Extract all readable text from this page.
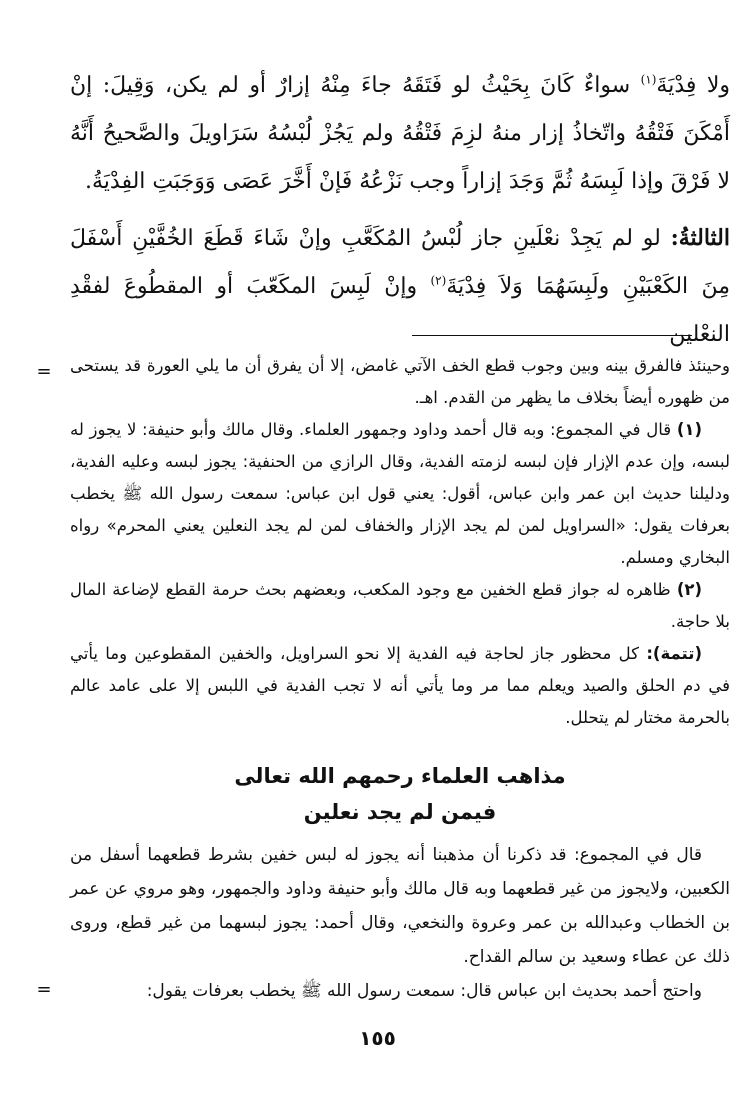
ولا فِدْيَةَ$^{(١)}$ سواءٌ كَانَ بِحَيْثُ لو فَتَقَهُ جاءَ مِنْهُ إزارٌ أو لم يكن، وَقِيلَ: إنْ أَمْكَنَ فَتْقُهُ واتّخاذُ إزار منهُ لزِمَ فَتْقُهُ ولم يَجُزْ لُبْسُهُ سَرَاويلَ والصَّحيحُ أَنَّهُ لا فَرْقَ وإذا لَبِسَهُ ثُمَّ وَجَدَ إزاراً وجب نَزْعُهُ فَإنْ أَخَّرَ عَصَى وَوَجَبَتِ الفِدْيَةُ.

الثالثةُ: لو لم يَجِدْ نعْلَينِ جاز لُبْسُ المُكَعَّبِ وإنْ شَاءَ قَطَعَ الخُفَّيْنِ أَسْفَلَ مِنَ الكَعْبَيْنِ ولَبِسَهُمَا وَلاَ فِدْيَةَ$^{(٢)}$ وإنْ لَبِسَ المكَعّبَ أو المقطُوعَ لفقْدِ النعْلين

=	وحينئذ فالفرق بينه وبين وجوب قطع الخف الآتي غامض، إلا أن يفرق أن ما يلي العورة قد يستحى من ظهوره أيضاً بخلاف ما يظهر من القدم. اهـ.

(١) قال في المجموع: وبه قال أحمد وداود وجمهور العلماء. وقال مالك وأبو حنيفة: لا يجوز له لبسه، وإن عدم الإزار فإن لبسه لزمته الفدية، وقال الرازي من الحنفية: يجوز لبسه وعليه الفدية، ودليلنا حديث ابن عمر وابن عباس، أقول: يعني قول ابن عباس: سمعت رسول الله ﷺ يخطب بعرفات يقول: «السراويل لمن لم يجد الإزار والخفاف لمن لم يجد النعلين يعني المحرم» رواه البخاري ومسلم.

(٢) ظاهره له جواز قطع الخفين مع وجود المكعب، وبعضهم بحث حرمة القطع لإضاعة المال بلا حاجة.

(تتمة): كل محظور جاز لحاجة فيه الفدية إلا نحو السراويل، والخفين المقطوعين وما يأتي في دم الحلق والصيد ويعلم مما مر وما يأتي أنه لا تجب الفدية في اللبس إلا على عامد عالم بالحرمة مختار لم يتحلل.

مذاهب العلماء رحمهم الله تعالى
فيمن لم يجد نعلين

قال في المجموع: قد ذكرنا أن مذهبنا أنه يجوز له لبس خفين بشرط قطعهما أسفل من الكعبين، ولايجوز من غير قطعهما وبه قال مالك وأبو حنيفة وداود والجمهور، وهو مروي عن عمر بن الخطاب وعبدالله بن عمر وعروة والنخعي، وقال أحمد: يجوز لبسهما من غير قطع، وروى ذلك عن عطاء وسعيد بن سالم القداح.

واحتج أحمد بحديث ابن عباس قال: سمعت رسول الله ﷺ يخطب بعرفات يقول:

=
١٥٥
